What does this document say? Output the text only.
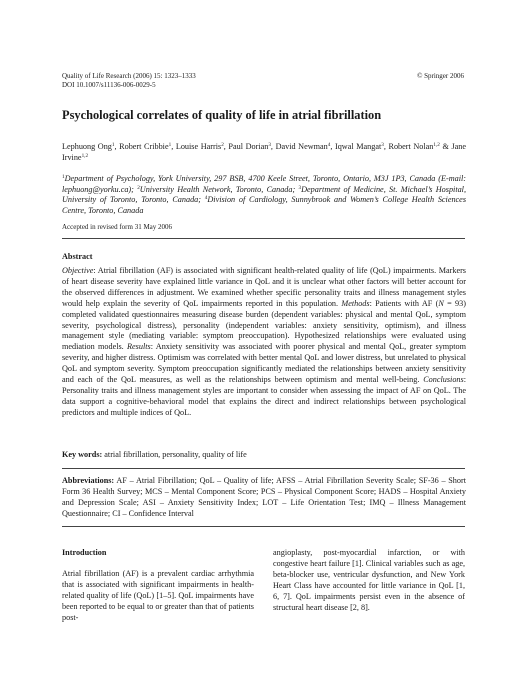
Quality of Life Research (2006) 15: 1323–1333
DOI 10.1007/s11136-006-0029-5
© Springer 2006
Psychological correlates of quality of life in atrial fibrillation
Lephuong Ong$^1$, Robert Cribbie$^1$, Louise Harris$^2$, Paul Dorian$^3$, David Newman$^4$, Iqwal Mangat$^3$, Robert Nolan$^{1,2}$ & Jane Irvine$^{1,2}$
$^1$Department of Psychology, York University, 297 BSB, 4700 Keele Street, Toronto, Ontario, M3J 1P3, Canada (E-mail: lephuong@yorku.ca); $^2$University Health Network, Toronto, Canada; $^3$Department of Medicine, St. Michael’s Hospital, University of Toronto, Toronto, Canada; $^4$Division of Cardiology, Sunnybrook and Women’s College Health Sciences Centre, Toronto, Canada
Accepted in revised form 31 May 2006
Abstract

Objective: Atrial fibrillation (AF) is associated with significant health-related quality of life (QoL) impairments. Markers of heart disease severity have explained little variance in QoL and it is unclear what other factors will better account for the observed differences in adjustment. We examined whether specific personality traits and illness management styles would help explain the severity of QoL impairments reported in this population. Methods: Patients with AF (N = 93) completed validated questionnaires measuring disease burden (dependent variables: physical and mental QoL, symptom severity, psychological distress), personality (independent variables: anxiety sensitivity, optimism), and illness management style (mediating variable: symptom preoccupation). Hypothesized relationships were evaluated using mediation models. Results: Anxiety sensitivity was associated with poorer physical and mental QoL, greater symptom severity, and higher distress. Optimism was correlated with better mental QoL and lower distress, but unrelated to physical QoL and symptom severity. Symptom preoccupation significantly mediated the relationships between anxiety sensitivity and each of the QoL measures, as well as the relationships between optimism and mental well-being. Conclusions: Personality traits and illness management styles are important to consider when assessing the impact of AF on QoL. The data support a cognitive-behavioral model that explains the direct and indirect relationships between psychological predictors and multiple indices of QoL.

Key words: atrial fibrillation, personality, quality of life
Abbreviations: AF – Atrial Fibrillation; QoL – Quality of life; AFSS – Atrial Fibrillation Severity Scale; SF-36 – Short Form 36 Health Survey; MCS – Mental Component Score; PCS – Physical Component Score; HADS – Hospital Anxiety and Depression Scale; ASI – Anxiety Sensitivity Index; LOT – Life Orientation Test; IMQ – Illness Management Questionnaire; CI – Confidence Interval
Introduction
Atrial fibrillation (AF) is a prevalent cardiac arrhythmia that is associated with significant impairments in health-related quality of life (QoL) [1–5]. QoL impairments have been reported to be equal to or greater than that of patients post-
angioplasty, post-myocardial infarction, or with congestive heart failure [1]. Clinical variables such as age, beta-blocker use, ventricular dysfunction, and New York Heart Class have accounted for little variance in QoL [1, 6, 7]. QoL impairments persist even in the absence of structural heart disease [2, 8].
